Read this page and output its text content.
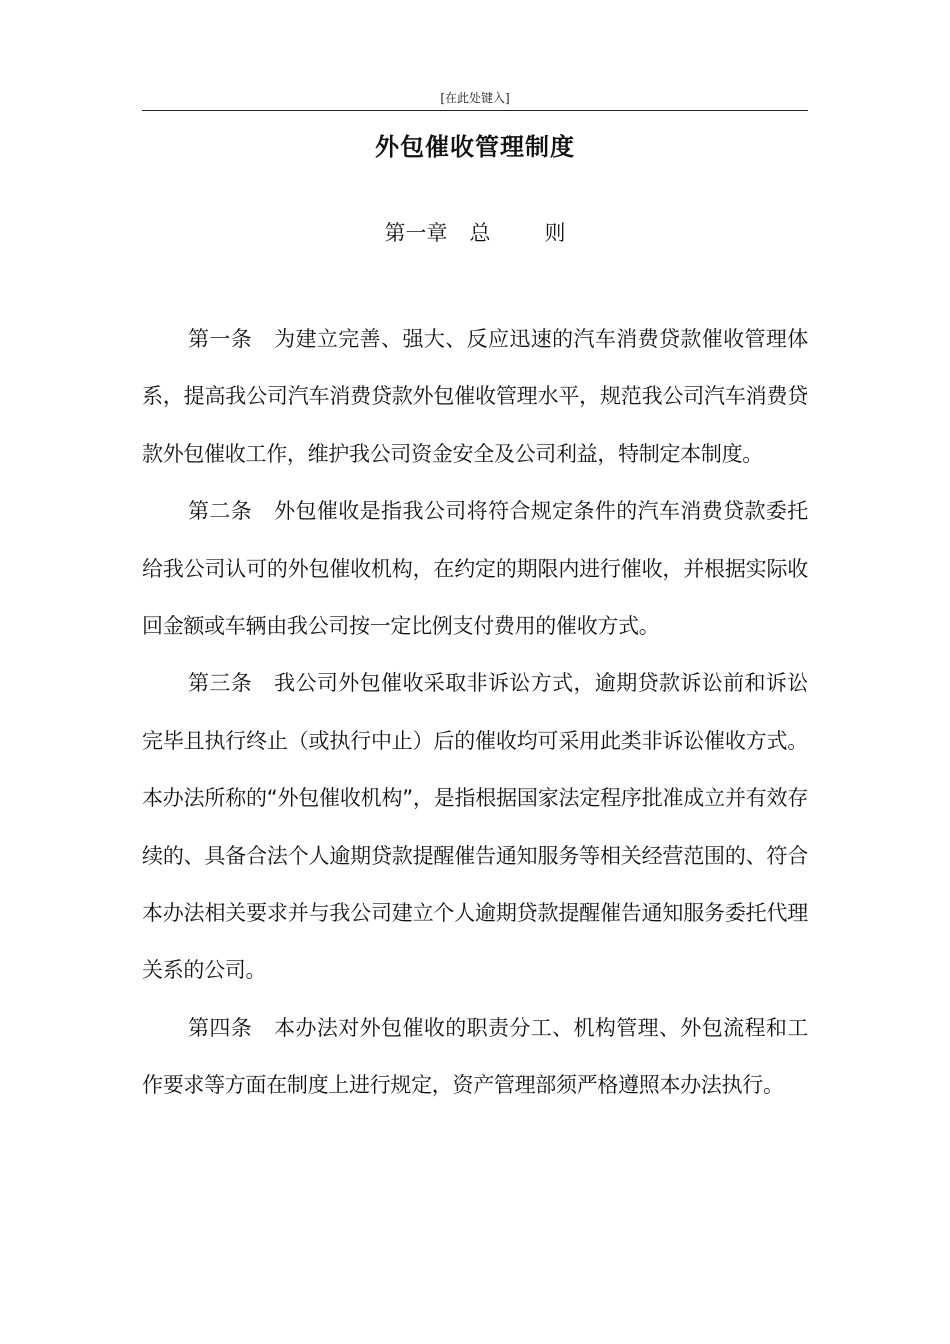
[在此处键入]
外包催收管理制度
第一章 总	则

第一条 为建立完善、强大、反应迅速的汽车消费贷款催收管理体系，提高我公司汽车消费贷款外包催收管理水平，规范我公司汽车消费贷款外包催收工作，维护我公司资金安全及公司利益，特制定本制度。

第二条 外包催收是指我公司将符合规定条件的汽车消费贷款委托给我公司认可的外包催收机构，在约定的期限内进行催收，并根据实际收回金额或车辆由我公司按一定比例支付费用的催收方式。

第三条 我公司外包催收采取非诉讼方式，逾期贷款诉讼前和诉讼完毕且执行终止（或执行中止）后的催收均可采用此类非诉讼催收方式。本办法所称的“外包催收机构”，是指根据国家法定程序批准成立并有效存续的、具备合法个人逾期贷款提醒催告通知服务等相关经营范围的、符合本办法相关要求并与我公司建立个人逾期贷款提醒催告通知服务委托代理关系的公司。

第四条 本办法对外包催收的职责分工、机构管理、外包流程和工作要求等方面在制度上进行规定，资产管理部须严格遵照本办法执行。
